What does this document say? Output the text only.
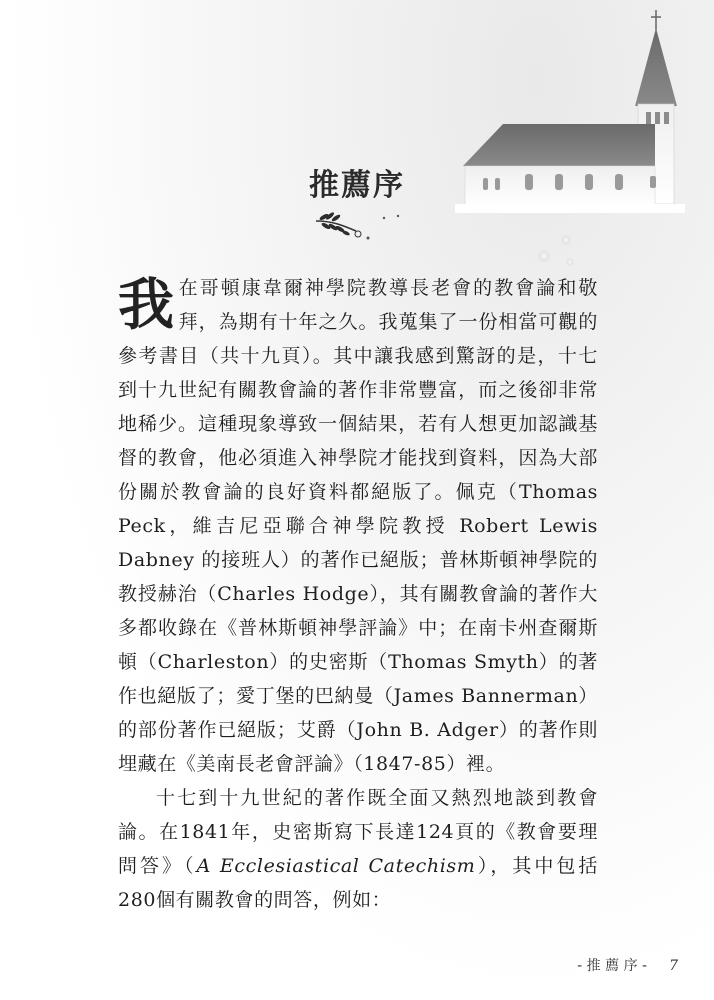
推薦序

我在哥頓康韋爾神學院教導長老會的教會論和敬拜，為期有十年之久。我蒐集了一份相當可觀的參考書目（共十九頁）。其中讓我感到驚訝的是，十七到十九世紀有關教會論的著作非常豐富，而之後卻非常地稀少。這種現象導致一個結果，若有人想更加認識基督的教會，他必須進入神學院才能找到資料，因為大部份關於教會論的良好資料都絕版了。佩克（Thomas Peck，維吉尼亞聯合神學院教授 Robert Lewis Dabney 的接班人）的著作已絕版；普林斯頓神學院的教授赫治（Charles Hodge），其有關教會論的著作大多都收錄在《普林斯頓神學評論》中；在南卡州查爾斯頓（Charleston）的史密斯（Thomas Smyth）的著作也絕版了；愛丁堡的巴納曼（James Bannerman）的部份著作已絕版；艾爵（John B. Adger）的著作則埋藏在《美南長老會評論》（1847-85）裡。

十七到十九世紀的著作既全面又熱烈地談到教會論。在1841年，史密斯寫下長達124頁的《教會要理問答》（A Ecclesiastical Catechism），其中包括280個有關教會的問答，例如：

- 推 薦 序 - 7
